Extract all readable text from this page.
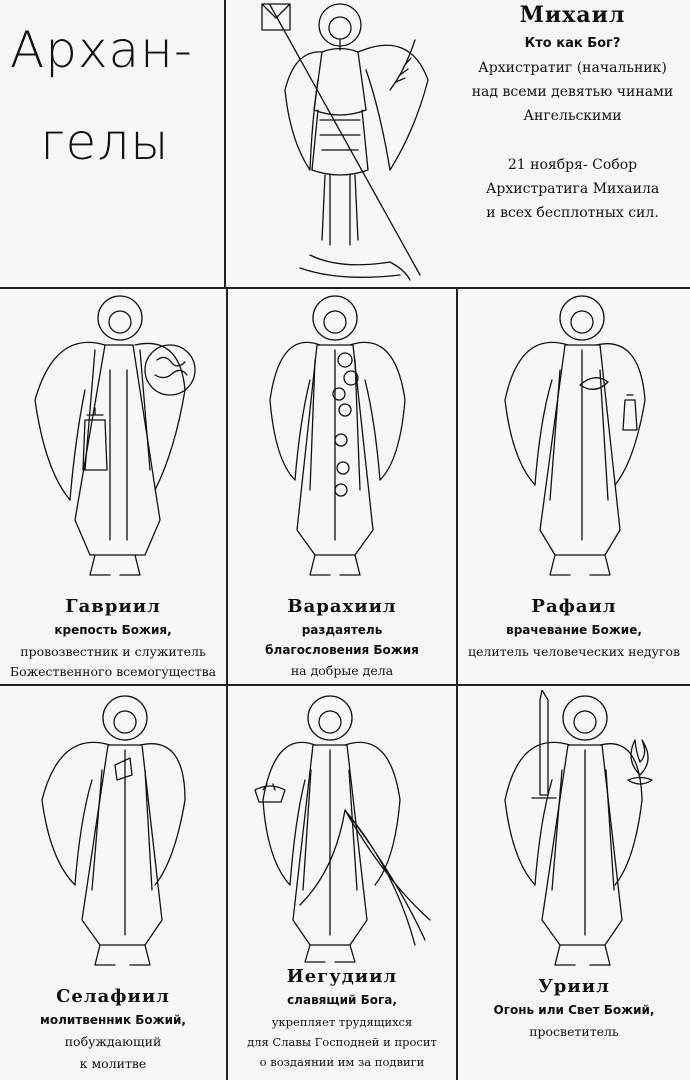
Архан-
гелы
Михаил
Кто как Бог?
Архистратиг (начальник)
над всеми девятью чинами
Ангельскими
21 ноября- Собор
Архистратига Михаила
и всех бесплотных сил.
Гавриил
крепость Божия,
провозвестник и служитель
Божественного всемогущества
Варахиил
раздаятель
благословения Божия
на добрые дела
Рафаил
врачевание Божие,
целитель человеческих недугов
Селафиил
молитвенник Божий,
побуждающий
к молитве
Иегудиил
славящий Бога,
укрепляет трудящихся
для Славы Господней и просит
о воздаянии им за подвиги
Уриил
Огонь или Свет Божий,
просветитель
